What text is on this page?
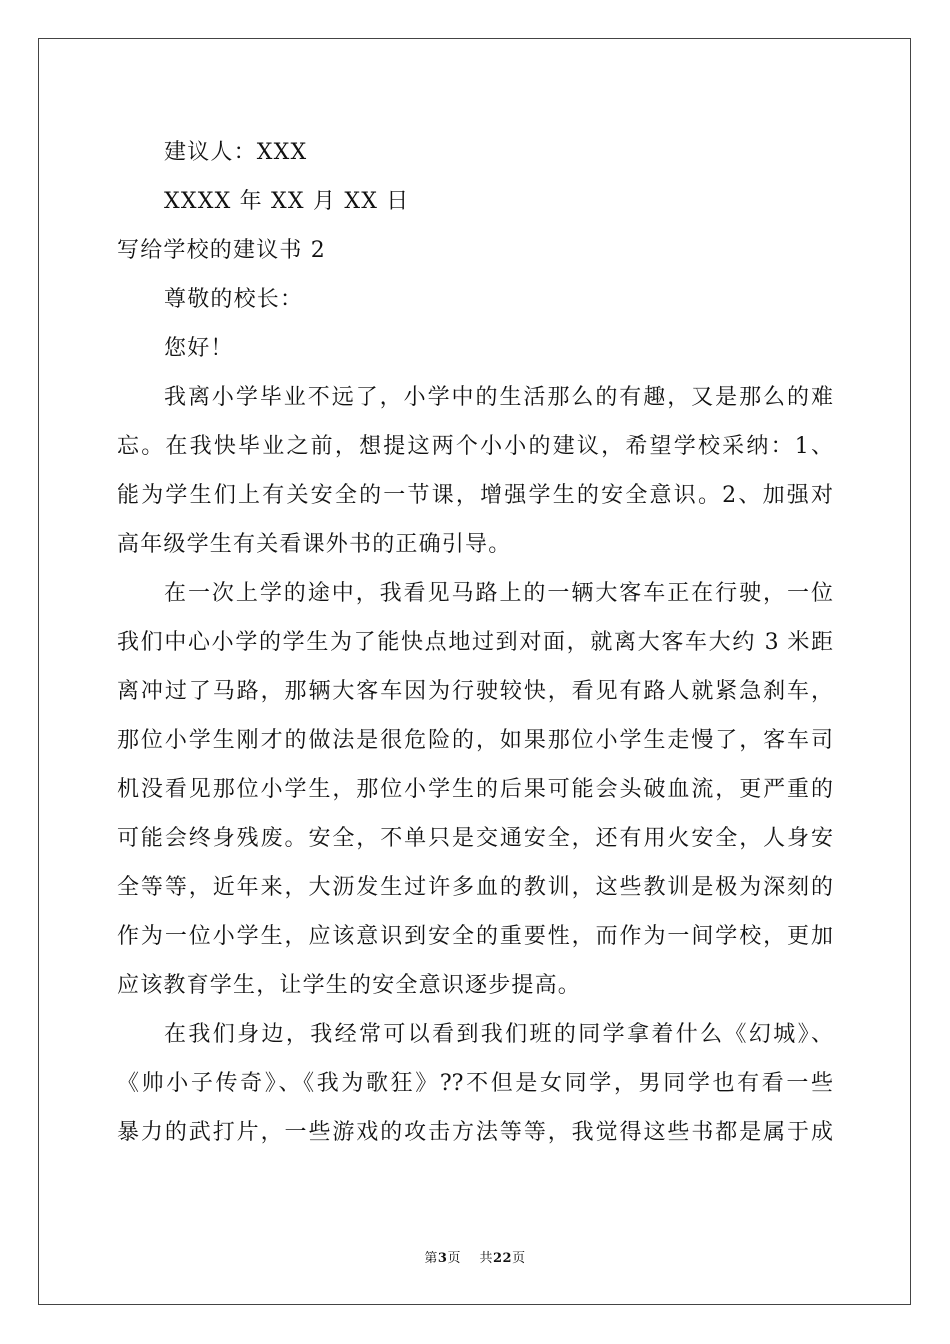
建议人：XXX
XXXX 年 XX 月 XX 日
写给学校的建议书 2
尊敬的校长：
您好！
我离小学毕业不远了，小学中的生活那么的有趣，又是那么的难
忘。在我快毕业之前，想提这两个小小的建议，希望学校采纳：1、
能为学生们上有关安全的一节课，增强学生的安全意识。2、加强对
高年级学生有关看课外书的正确引导。
在一次上学的途中，我看见马路上的一辆大客车正在行驶，一位
我们中心小学的学生为了能快点地过到对面，就离大客车大约 3 米距
离冲过了马路，那辆大客车因为行驶较快，看见有路人就紧急刹车，
那位小学生刚才的做法是很危险的，如果那位小学生走慢了，客车司
机没看见那位小学生，那位小学生的后果可能会头破血流，更严重的
可能会终身残废。安全，不单只是交通安全，还有用火安全，人身安
全等等，近年来，大沥发生过许多血的教训，这些教训是极为深刻的
作为一位小学生，应该意识到安全的重要性，而作为一间学校，更加
应该教育学生，让学生的安全意识逐步提高。
在我们身边，我经常可以看到我们班的同学拿着什么《幻城》、
《帅小子传奇》、《我为歌狂》??不但是女同学，男同学也有看一些
暴力的武打片，一些游戏的攻击方法等等，我觉得这些书都是属于成
第3页 共22页
